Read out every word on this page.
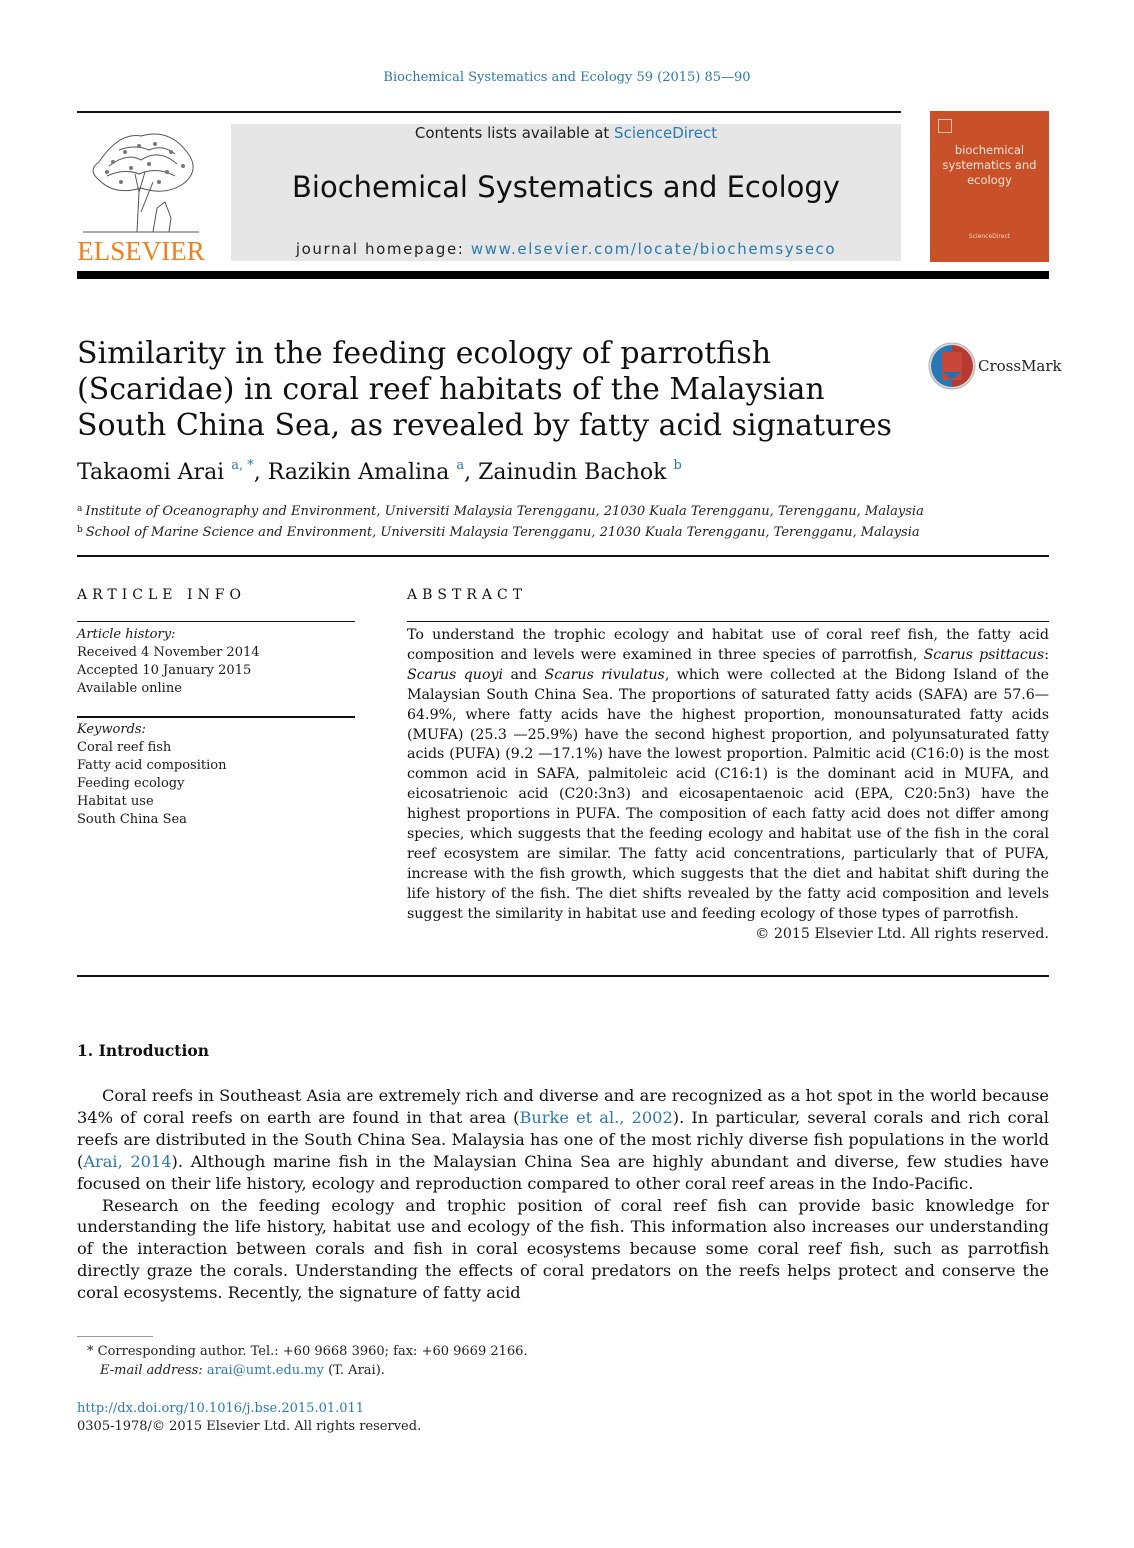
Biochemical Systematics and Ecology 59 (2015) 85—90
ELSEVIER
Contents lists available at ScienceDirect
Biochemical Systematics and Ecology
journal homepage: www.elsevier.com/locate/biochemsyseco
biochemical systematics and ecology
ScienceDirect
Similarity in the feeding ecology of parrotfish (Scaridae) in coral reef habitats of the Malaysian South China Sea, as revealed by fatty acid signatures
CrossMark
Takaomi Arai $^{a, *}$, Razikin Amalina $^a$, Zainudin Bachok $^b$
$^a$ Institute of Oceanography and Environment, Universiti Malaysia Terengganu, 21030 Kuala Terengganu, Terengganu, Malaysia
$^b$ School of Marine Science and Environment, Universiti Malaysia Terengganu, 21030 Kuala Terengganu, Terengganu, Malaysia
ARTICLE INFO
Article history:
Received 4 November 2014
Accepted 10 January 2015
Available online
Keywords:
Coral reef fish
Fatty acid composition
Feeding ecology
Habitat use
South China Sea
ABSTRACT
To understand the trophic ecology and habitat use of coral reef fish, the fatty acid composition and levels were examined in three species of parrotfish, Scarus psittacus: Scarus quoyi and Scarus rivulatus, which were collected at the Bidong Island of the Malaysian South China Sea. The proportions of saturated fatty acids (SAFA) are 57.6—64.9%, where fatty acids have the highest proportion, monounsaturated fatty acids (MUFA) (25.3 —25.9%) have the second highest proportion, and polyunsaturated fatty acids (PUFA) (9.2 —17.1%) have the lowest proportion. Palmitic acid (C16:0) is the most common acid in SAFA, palmitoleic acid (C16:1) is the dominant acid in MUFA, and eicosatrienoic acid (C20:3n3) and eicosapentaenoic acid (EPA, C20:5n3) have the highest proportions in PUFA. The composition of each fatty acid does not differ among species, which suggests that the feeding ecology and habitat use of the fish in the coral reef ecosystem are similar. The fatty acid concentrations, particularly that of PUFA, increase with the fish growth, which suggests that the diet and habitat shift during the life history of the fish. The diet shifts revealed by the fatty acid composition and levels suggest the similarity in habitat use and feeding ecology of those types of parrotfish.
© 2015 Elsevier Ltd. All rights reserved.
1. Introduction

Coral reefs in Southeast Asia are extremely rich and diverse and are recognized as a hot spot in the world because 34% of coral reefs on earth are found in that area (Burke et al., 2002). In particular, several corals and rich coral reefs are distributed in the South China Sea. Malaysia has one of the most richly diverse fish populations in the world (Arai, 2014). Although marine fish in the Malaysian China Sea are highly abundant and diverse, few studies have focused on their life history, ecology and reproduction compared to other coral reef areas in the Indo-Pacific.

Research on the feeding ecology and trophic position of coral reef fish can provide basic knowledge for understanding the life history, habitat use and ecology of the fish. This information also increases our understanding of the interaction between corals and fish in coral ecosystems because some coral reef fish, such as parrotfish directly graze the corals. Understanding the effects of coral predators on the reefs helps protect and conserve the coral ecosystems. Recently, the signature of fatty acid

* Corresponding author. Tel.: +60 9668 3960; fax: +60 9669 2166.
E-mail address: arai@umt.edu.my (T. Arai).
http://dx.doi.org/10.1016/j.bse.2015.01.011
0305-1978/© 2015 Elsevier Ltd. All rights reserved.
